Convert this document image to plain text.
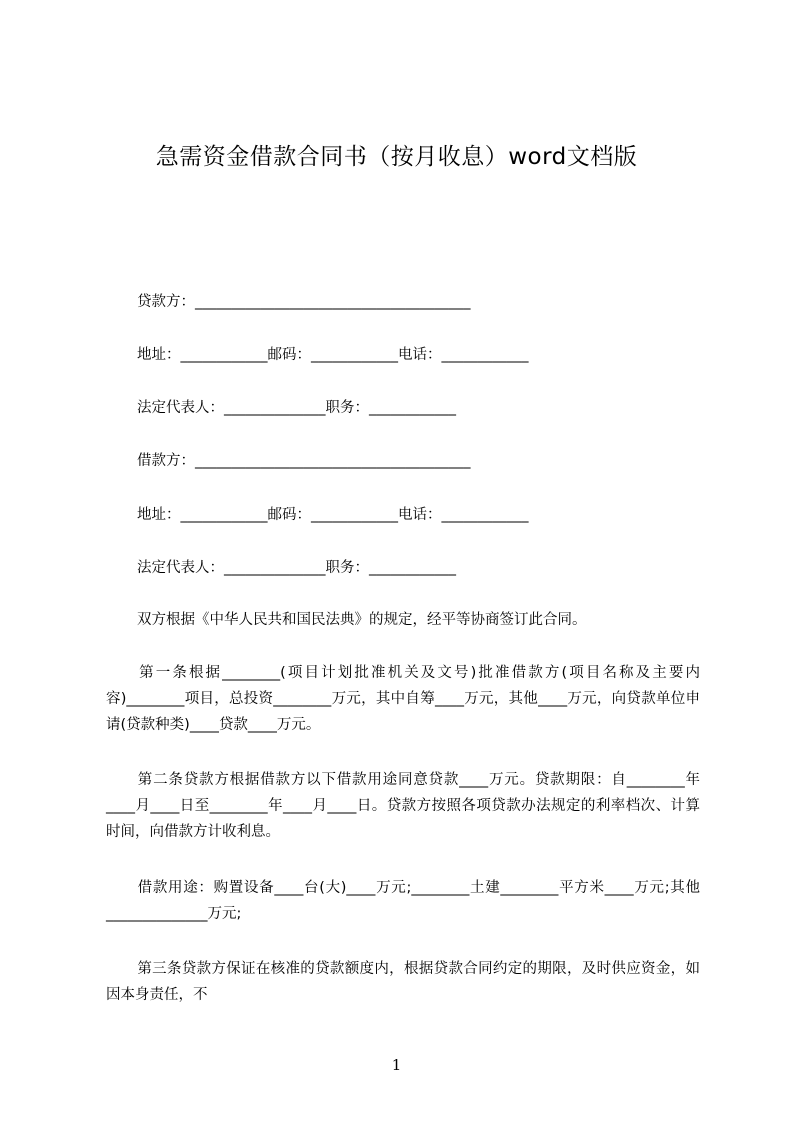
急需资金借款合同书（按月收息）word文档版
贷款方：______________________________________
地址：____________邮码：____________电话：____________
法定代表人：______________职务：____________
借款方：______________________________________
地址：____________邮码：____________电话：____________
法定代表人：______________职务：____________
双方根据《中华人民共和国民法典》的规定，经平等协商签订此合同。
第一条根据________(项目计划批准机关及文号)批准借款方(项目名称及主要内容)________项目，总投资________万元，其中自筹____万元，其他____万元，向贷款单位申请(贷款种类)____贷款____万元。
第二条贷款方根据借款方以下借款用途同意贷款____万元。贷款期限：自________年____月____日至________年____月____日。贷款方按照各项贷款办法规定的利率档次、计算时间，向借款方计收利息。
借款用途：购置设备____台(大)____万元;________土建________平方米____万元;其他______________万元;
第三条贷款方保证在核准的贷款额度内，根据贷款合同约定的期限，及时供应资金，如因本身责任，不
1
